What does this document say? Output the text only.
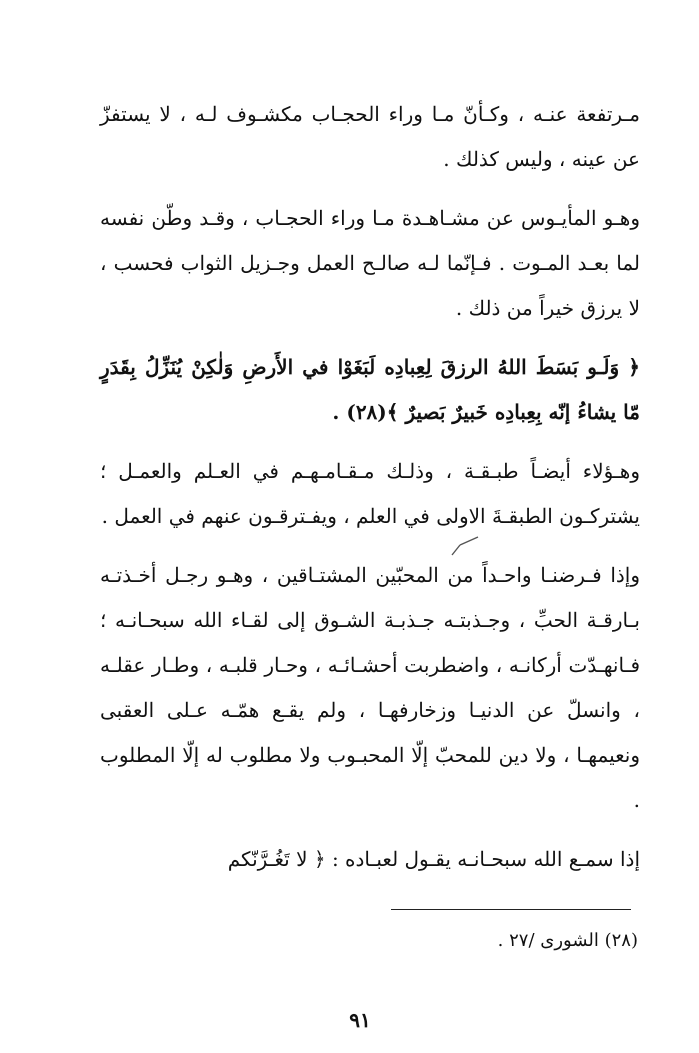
مـرتفعة عنـه ، وكـأنّ مـا وراء الحجـاب مكشـوف لـه ، لا يستفزّ عن عينه ، وليس كذلك .

وهـو المأيـوس عن مشـاهـدة مـا وراء الحجـاب ، وقـد وطّن نفسه لما بعـد المـوت . فـإنّما لـه صالـح العمل وجـزيل الثواب فحسب ، لا يرزق خيراً من ذلك .

﴿ وَلَـو بَسَطَ اللهُ الرزقَ لِعِبادِه لَبَغَوْا في الأَرضِ وَلٰكِنْ يُنَزِّلُ بِقَدَرٍ مّا يشاءُ إنّه بِعِبادِه خَبيرٌ بَصيرٌ ﴾(٢٨) .

وهـؤلاء أيضـاً طبـقـة ، وذلـك مـقـامـهـم في العـلم والعمـل ؛ يشتركـون الطبقـةَ الاولى في العلم ، ويفـترقـون عنهم في العمل .

وإذا فـرضنـا واحـداً من المحبّين المشتـاقين ، وهـو رجـل أخـذتـه بـارقـة الحبِّ ، وجـذبتـه جـذبـة الشـوق إلى لقـاء الله سبحـانـه ؛ فـانهـدّت أركانـه ، واضطربت أحشـائـه ، وحـار قلبـه ، وطـار عقلـه ، وانسلّ عن الدنيـا وزخارفهـا ، ولم يقـع همّـه عـلى العقبى ونعيمهـا ، ولا دين للمحبّ إلّا المحبـوب ولا مطلوب له إلّا المطلوب .

إذا سمـع الله سبحـانـه يقـول لعبـاده : ﴿ لا تَغُـرَّنّكم

(٢٨) الشورى /٢٧ .
٩١
